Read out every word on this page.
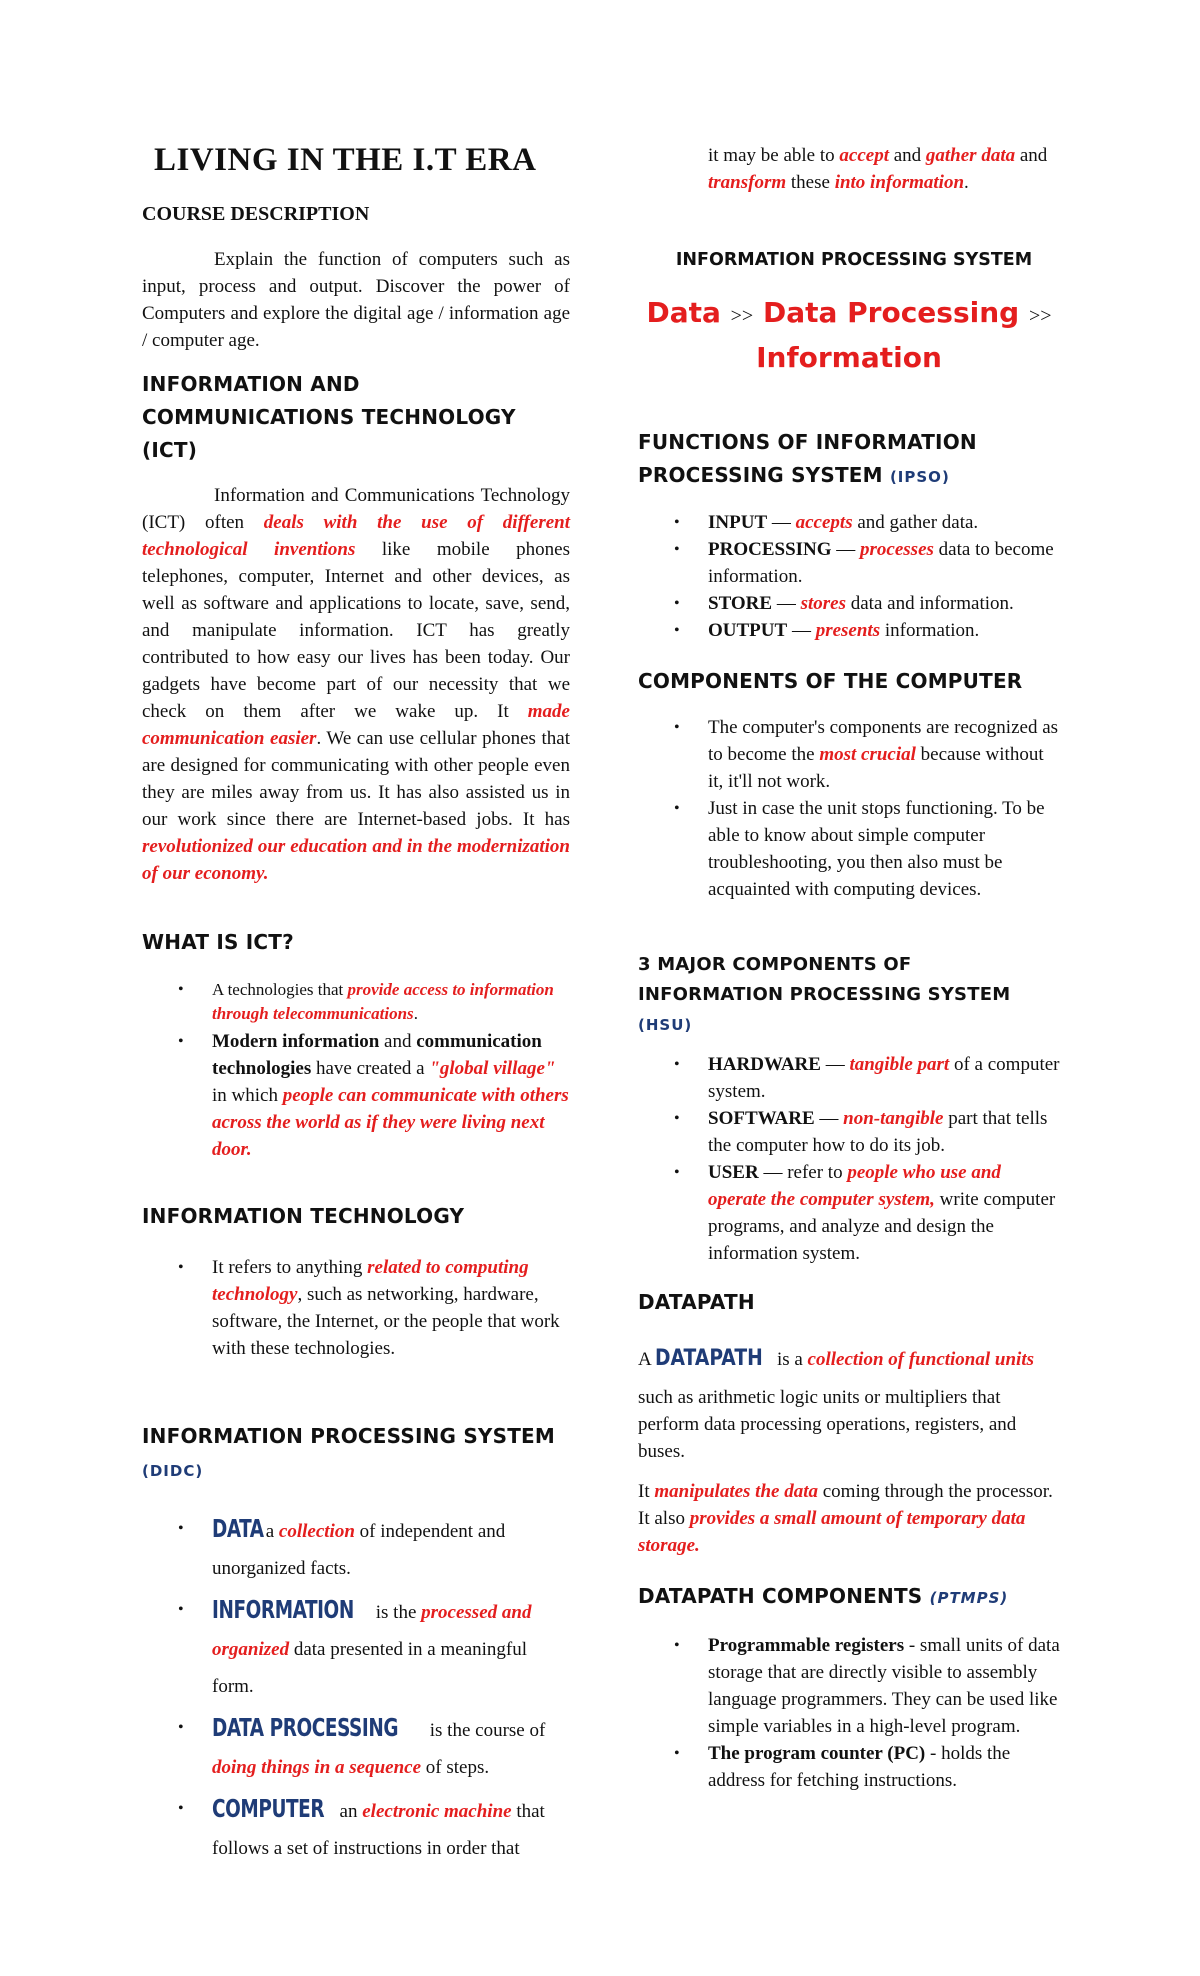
LIVING IN THE I.T ERA
COURSE DESCRIPTION

Explain the function of computers such as input, process and output. Discover the power of Computers and explore the digital age / information age / computer age.

INFORMATION AND COMMUNICATIONS TECHNOLOGY (ICT)

Information and Communications Technology (ICT) often deals with the use of different technological inventions like mobile phones telephones, computer, Internet and other devices, as well as software and applications to locate, save, send, and manipulate information. ICT has greatly contributed to how easy our lives has been today. Our gadgets have become part of our necessity that we check on them after we wake up. It made communication easier. We can use cellular phones that are designed for communicating with other people even they are miles away from us. It has also assisted us in our work since there are Internet-based jobs. It has revolutionized our education and in the modernization of our economy.

WHAT IS ICT?
• A technologies that provide access to information through telecommunications.
• Modern information and communication technologies have created a "global village" in which people can communicate with others across the world as if they were living next door.
INFORMATION TECHNOLOGY
• It refers to anything related to computing technology, such as networking, hardware, software, the Internet, or the people that work with these technologies.
INFORMATION PROCESSING SYSTEM (DIDC)
• DATA a collection of independent and unorganized facts.
• INFORMATION is the processed and organized data presented in a meaningful form.
• DATA PROCESSING is the course of doing things in a sequence of steps.
• COMPUTER an electronic machine that follows a set of instructions in order that

it may be able to accept and gather data and transform these into information.

INFORMATION PROCESSING SYSTEM
Data >> Data Processing >>
Information
FUNCTIONS OF INFORMATION PROCESSING SYSTEM (IPSO)
• INPUT — accepts and gather data.
• PROCESSING — processes data to become information.
• STORE — stores data and information.
• OUTPUT — presents information.
COMPONENTS OF THE COMPUTER
• The computer's components are recognized as to become the most crucial because without it, it'll not work.
• Just in case the unit stops functioning. To be able to know about simple computer troubleshooting, you then also must be acquainted with computing devices.
3 MAJOR COMPONENTS OF INFORMATION PROCESSING SYSTEM
(HSU)
• HARDWARE — tangible part of a computer system.
• SOFTWARE — non-tangible part that tells the computer how to do its job.
• USER — refer to people who use and operate the computer system, write computer programs, and analyze and design the information system.
DATAPATH

A DATAPATH is a collection of functional units

such as arithmetic logic units or multipliers that perform data processing operations, registers, and buses.

It manipulates the data coming through the processor. It also provides a small amount of temporary data storage.

DATAPATH COMPONENTS (PTMPS)
• Programmable registers - small units of data storage that are directly visible to assembly language programmers. They can be used like simple variables in a high-level program.
• The program counter (PC) - holds the address for fetching instructions.
